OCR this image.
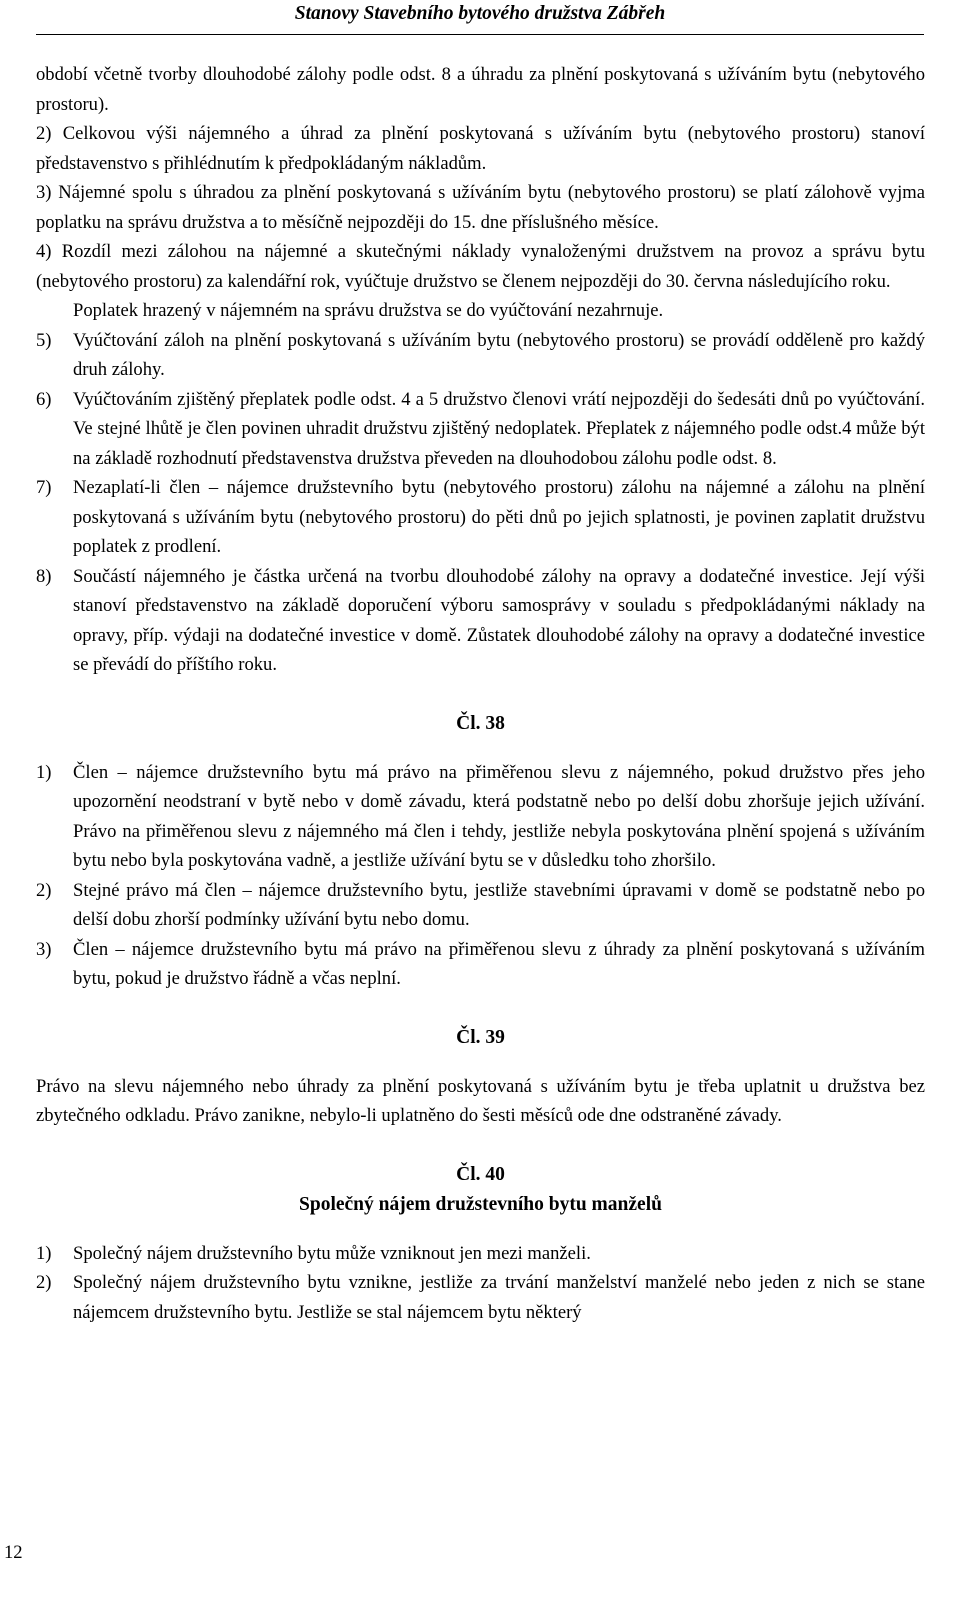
Stanovy Stavebního bytového družstva Zábřeh
období včetně tvorby dlouhodobé zálohy podle odst. 8 a úhradu za plnění poskytovaná s užíváním bytu (nebytového prostoru).
2) Celkovou výši nájemného a úhrad za plnění poskytovaná s užíváním bytu (nebytového prostoru) stanoví představenstvo s přihlédnutím k předpokládaným nákladům.
3) Nájemné spolu s úhradou za plnění poskytovaná s užíváním bytu (nebytového prostoru) se platí zálohově vyjma poplatku na správu družstva a to měsíčně nejpozději do 15. dne příslušného měsíce.
4) Rozdíl mezi zálohou na nájemné a skutečnými náklady vynaloženými družstvem na provoz a správu bytu (nebytového prostoru) za kalendářní rok, vyúčtuje družstvo se členem nejpozději do 30. června následujícího roku.
Poplatek hrazený v nájemném na správu družstva se do vyúčtování nezahrnuje.
5) Vyúčtování záloh na plnění poskytovaná s užíváním bytu (nebytového prostoru) se provádí odděleně pro každý druh zálohy.
6) Vyúčtováním zjištěný přeplatek podle odst. 4 a 5 družstvo členovi vrátí nejpozději do šedesáti dnů po vyúčtování. Ve stejné lhůtě je člen povinen uhradit družstvu zjištěný nedoplatek. Přeplatek z nájemného podle odst.4 může být na základě rozhodnutí představenstva družstva převeden na dlouhodobou zálohu podle odst. 8.
7) Nezaplatí-li člen – nájemce družstevního bytu (nebytového prostoru) zálohu na nájemné a zálohu na plnění poskytovaná s užíváním bytu (nebytového prostoru) do pěti dnů po jejich splatnosti, je povinen zaplatit družstvu poplatek z prodlení.
8) Součástí nájemného je částka určená na tvorbu dlouhodobé zálohy na opravy a dodatečné investice. Její výši stanoví představenstvo na základě doporučení výboru samosprávy v souladu s předpokládanými náklady na opravy, příp. výdaji na dodatečné investice v domě. Zůstatek dlouhodobé zálohy na opravy a dodatečné investice se převádí do příštího roku.
Čl. 38
1) Člen – nájemce družstevního bytu má právo na přiměřenou slevu z nájemného, pokud družstvo přes jeho upozornění neodstraní v bytě nebo v domě závadu, která podstatně nebo po delší dobu zhoršuje jejich užívání. Právo na přiměřenou slevu z nájemného má člen i tehdy, jestliže nebyla poskytována plnění spojená s užíváním bytu nebo byla poskytována vadně, a jestliže užívání bytu se v důsledku toho zhoršilo.
2) Stejné právo má člen – nájemce družstevního bytu, jestliže stavebními úpravami v domě se podstatně nebo po delší dobu zhorší podmínky užívání bytu nebo domu.
3) Člen – nájemce družstevního bytu má právo na přiměřenou slevu z úhrady za plnění poskytovaná s užíváním bytu, pokud je družstvo řádně a včas neplní.
Čl. 39
Právo na slevu nájemného nebo úhrady za plnění poskytovaná s užíváním bytu je třeba uplatnit u družstva bez zbytečného odkladu. Právo zanikne, nebylo-li uplatněno do šesti měsíců ode dne odstraněné závady.
Čl. 40
Společný nájem družstevního bytu manželů
1) Společný nájem družstevního bytu může vzniknout jen mezi manželi.
2) Společný nájem družstevního bytu vznikne, jestliže za trvání manželství manželé nebo jeden z nich se stane nájemcem družstevního bytu. Jestliže se stal nájemcem bytu některý
12
